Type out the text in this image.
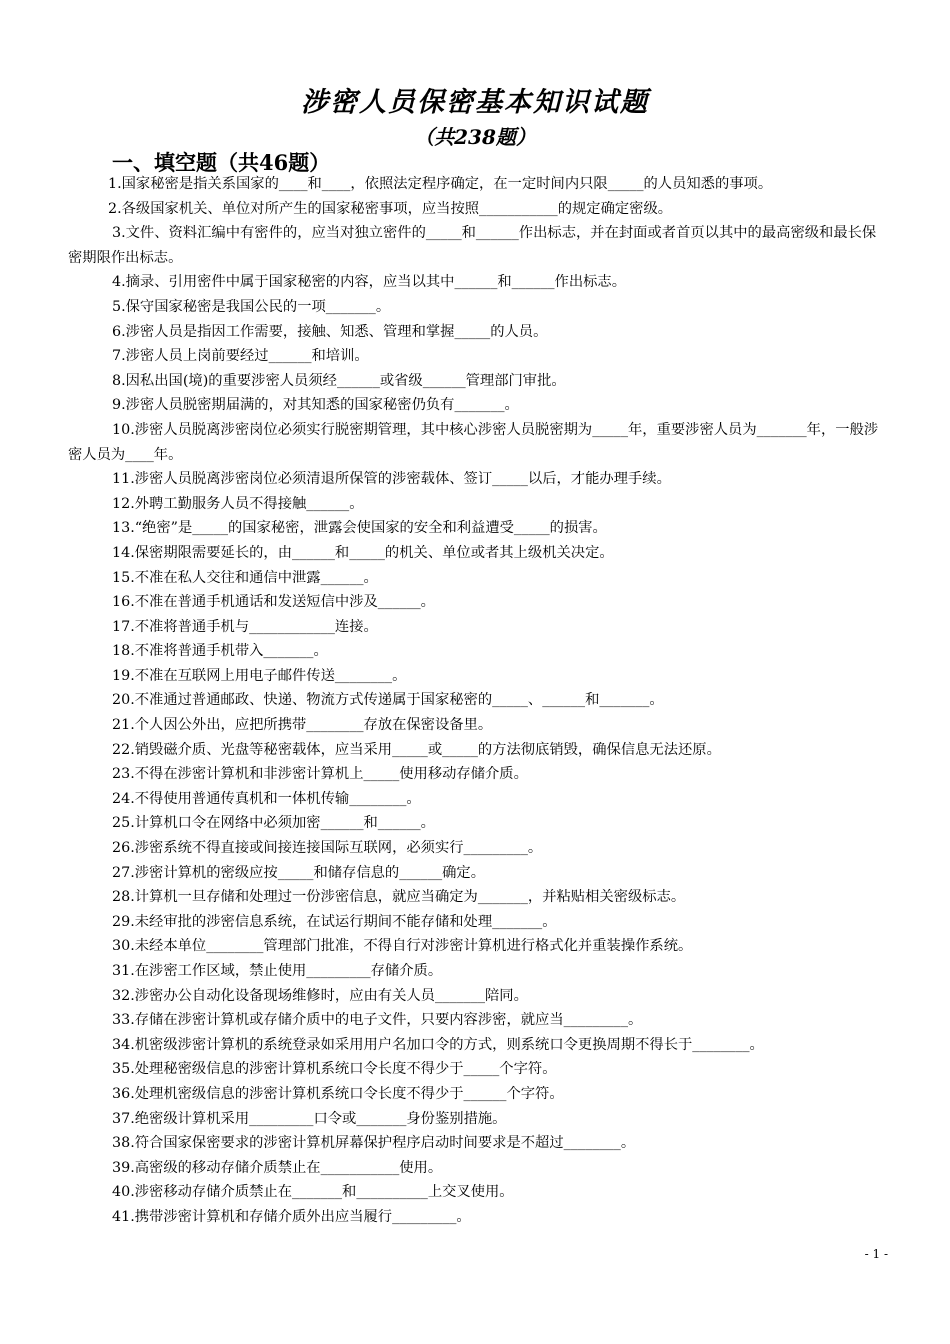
涉密人员保密基本知识试题
（共238题）
一、填空题（共46题）
1.国家秘密是指关系国家的____和____，依照法定程序确定，在一定时间内只限_____的人员知悉的事项。
2.各级国家机关、单位对所产生的国家秘密事项，应当按照___________的规定确定密级。
3.文件、资料汇编中有密件的，应当对独立密件的_____和______作出标志，并在封面或者首页以其中的最高密级和最长保密期限作出标志。
4.摘录、引用密件中属于国家秘密的内容，应当以其中______和______作出标志。
5.保守国家秘密是我国公民的一项_______。
6.涉密人员是指因工作需要，接触、知悉、管理和掌握_____的人员。
7.涉密人员上岗前要经过______和培训。
8.因私出国(境)的重要涉密人员须经______或省级______管理部门审批。
9.涉密人员脱密期届满的，对其知悉的国家秘密仍负有_______。
10.涉密人员脱离涉密岗位必须实行脱密期管理，其中核心涉密人员脱密期为_____年，重要涉密人员为_______年，一般涉密人员为____年。
11.涉密人员脱离涉密岗位必须清退所保管的涉密载体、签订_____以后，才能办理手续。
12.外聘工勤服务人员不得接触______。
13.“绝密”是_____的国家秘密，泄露会使国家的安全和利益遭受_____的损害。
14.保密期限需要延长的，由______和_____的机关、单位或者其上级机关决定。
15.不准在私人交往和通信中泄露______。
16.不准在普通手机通话和发送短信中涉及______。
17.不准将普通手机与____________连接。
18.不准将普通手机带入_______。
19.不准在互联网上用电子邮件传送________。
20.不准通过普通邮政、快递、物流方式传递属于国家秘密的_____、______和_______。
21.个人因公外出，应把所携带________存放在保密设备里。
22.销毁磁介质、光盘等秘密载体，应当采用_____或_____的方法彻底销毁，确保信息无法还原。
23.不得在涉密计算机和非涉密计算机上_____使用移动存储介质。
24.不得使用普通传真机和一体机传输________。
25.计算机口令在网络中必须加密______和______。
26.涉密系统不得直接或间接连接国际互联网，必须实行_________。
27.涉密计算机的密级应按_____和储存信息的______确定。
28.计算机一旦存储和处理过一份涉密信息，就应当确定为_______，并粘贴相关密级标志。
29.未经审批的涉密信息系统，在试运行期间不能存储和处理_______。
30.未经本单位________管理部门批准，不得自行对涉密计算机进行格式化并重装操作系统。
31.在涉密工作区域，禁止使用_________存储介质。
32.涉密办公自动化设备现场维修时，应由有关人员_______陪同。
33.存储在涉密计算机或存储介质中的电子文件，只要内容涉密，就应当_________。
34.机密级涉密计算机的系统登录如采用用户名加口令的方式，则系统口令更换周期不得长于________。
35.处理秘密级信息的涉密计算机系统口令长度不得少于_____个字符。
36.处理机密级信息的涉密计算机系统口令长度不得少于______个字符。
37.绝密级计算机采用_________口令或_______身份鉴别措施。
38.符合国家保密要求的涉密计算机屏幕保护程序启动时间要求是不超过________。
39.高密级的移动存储介质禁止在___________使用。
40.涉密移动存储介质禁止在_______和__________上交叉使用。
41.携带涉密计算机和存储介质外出应当履行_________。
- 1 -
